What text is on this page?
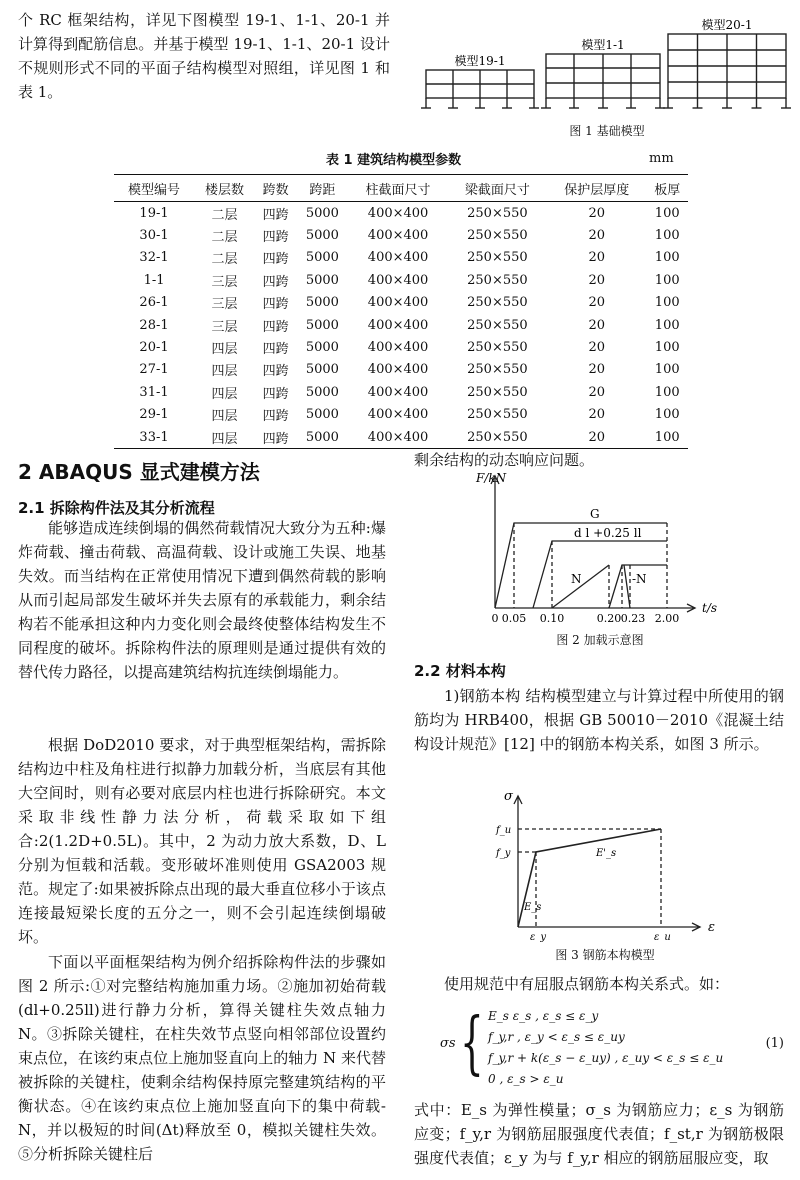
个 RC 框架结构，详见下图模型 19-1、1-1、20-1 并计算得到配筋信息。并基于模型 19-1、1-1、20-1 设计不规则形式不同的平面子结构模型对照组，详见图 1 和表 1。
模型19-1
模型1-1
模型20-1
图 1 基础模型
表 1 建筑结构模型参数	mm
模型编号	楼层数	跨数	跨距	柱截面尺寸	梁截面尺寸	保护层厚度	板厚
19-1	二层	四跨	5000	400×400	250×550	20	100
30-1	二层	四跨	5000	400×400	250×550	20	100
32-1	二层	四跨	5000	400×400	250×550	20	100
1-1	三层	四跨	5000	400×400	250×550	20	100
26-1	三层	四跨	5000	400×400	250×550	20	100
28-1	三层	四跨	5000	400×400	250×550	20	100
20-1	四层	四跨	5000	400×400	250×550	20	100
27-1	四层	四跨	5000	400×400	250×550	20	100
31-1	四层	四跨	5000	400×400	250×550	20	100
29-1	四层	四跨	5000	400×400	250×550	20	100
33-1	四层	四跨	5000	400×400	250×550	20	100
2 ABAQUS 显式建模方法
2.1 拆除构件法及其分析流程
能够造成连续倒塌的偶然荷载情况大致分为五种:爆炸荷载、撞击荷载、高温荷载、设计或施工失误、地基失效。而当结构在正常使用情况下遭到偶然荷载的影响从而引起局部发生破坏并失去原有的承载能力，剩余结构若不能承担这种内力变化则会最终使整体结构发生不同程度的破坏。拆除构件法的原理则是通过提供有效的替代传力路径，以提高建筑结构抗连续倒塌能力。
根据 DoD2010 要求，对于典型框架结构，需拆除结构边中柱及角柱进行拟静力加载分析，当底层有其他大空间时，则有必要对底层内柱也进行拆除研究。本文采取非线性静力法分析，荷载采取如下组合:2(1.2D+0.5L)。其中，2 为动力放大系数，D、L 分别为恒载和活载。变形破坏准则使用 GSA2003 规范。规定了:如果被拆除点出现的最大垂直位移小于该点连接最短梁长度的五分之一，则不会引起连续倒塌破坏。
下面以平面框架结构为例介绍拆除构件法的步骤如图 2 所示:①对完整结构施加重力场。②施加初始荷载(dl+0.25ll)进行静力分析，算得关键柱失效点轴力 N。③拆除关键柱，在柱失效节点竖向相邻部位设置约束点位，在该约束点位上施加竖直向上的轴力 N 来代替被拆除的关键柱，使剩余结构保持原完整建筑结构的平衡状态。④在该约束点位上施加竖直向下的集中荷载-N，并以极短的时间(Δt)释放至 0，模拟关键柱失效。⑤分析拆除关键柱后
剩余结构的动态响应问题。
F/kN
t/s
G
d l +0.25 ll
N	-N
0 0.05 0.10	0.20 0.23 2.00
图 2 加载示意图
2.2 材料本构
1)钢筋本构 结构模型建立与计算过程中所使用的钢筋均为 HRB400，根据 GB 50010－2010《混凝土结构设计规范》[12] 中的钢筋本构关系，如图 3 所示。
σ
ε
f_u
f_y
E_s
E'_s
ε_y	ε_u
图 3 钢筋本构模型
使用规范中有屈服点钢筋本构关系式。如：
σs { E_s ε_s , ε_s ≤ ε_y
f_y,r , ε_y < ε_s ≤ ε_uy
f_y,r + k(ε_s − ε_uy) , ε_uy < ε_s ≤ ε_u
0 , ε_s > ε_u
(1)
式中：E_s 为弹性模量；σ_s 为钢筋应力；ε_s 为钢筋应变；f_y,r 为钢筋屈服强度代表值；f_st,r 为钢筋极限强度代表值；ε_y 为与 f_y,r 相应的钢筋屈服应变，取
